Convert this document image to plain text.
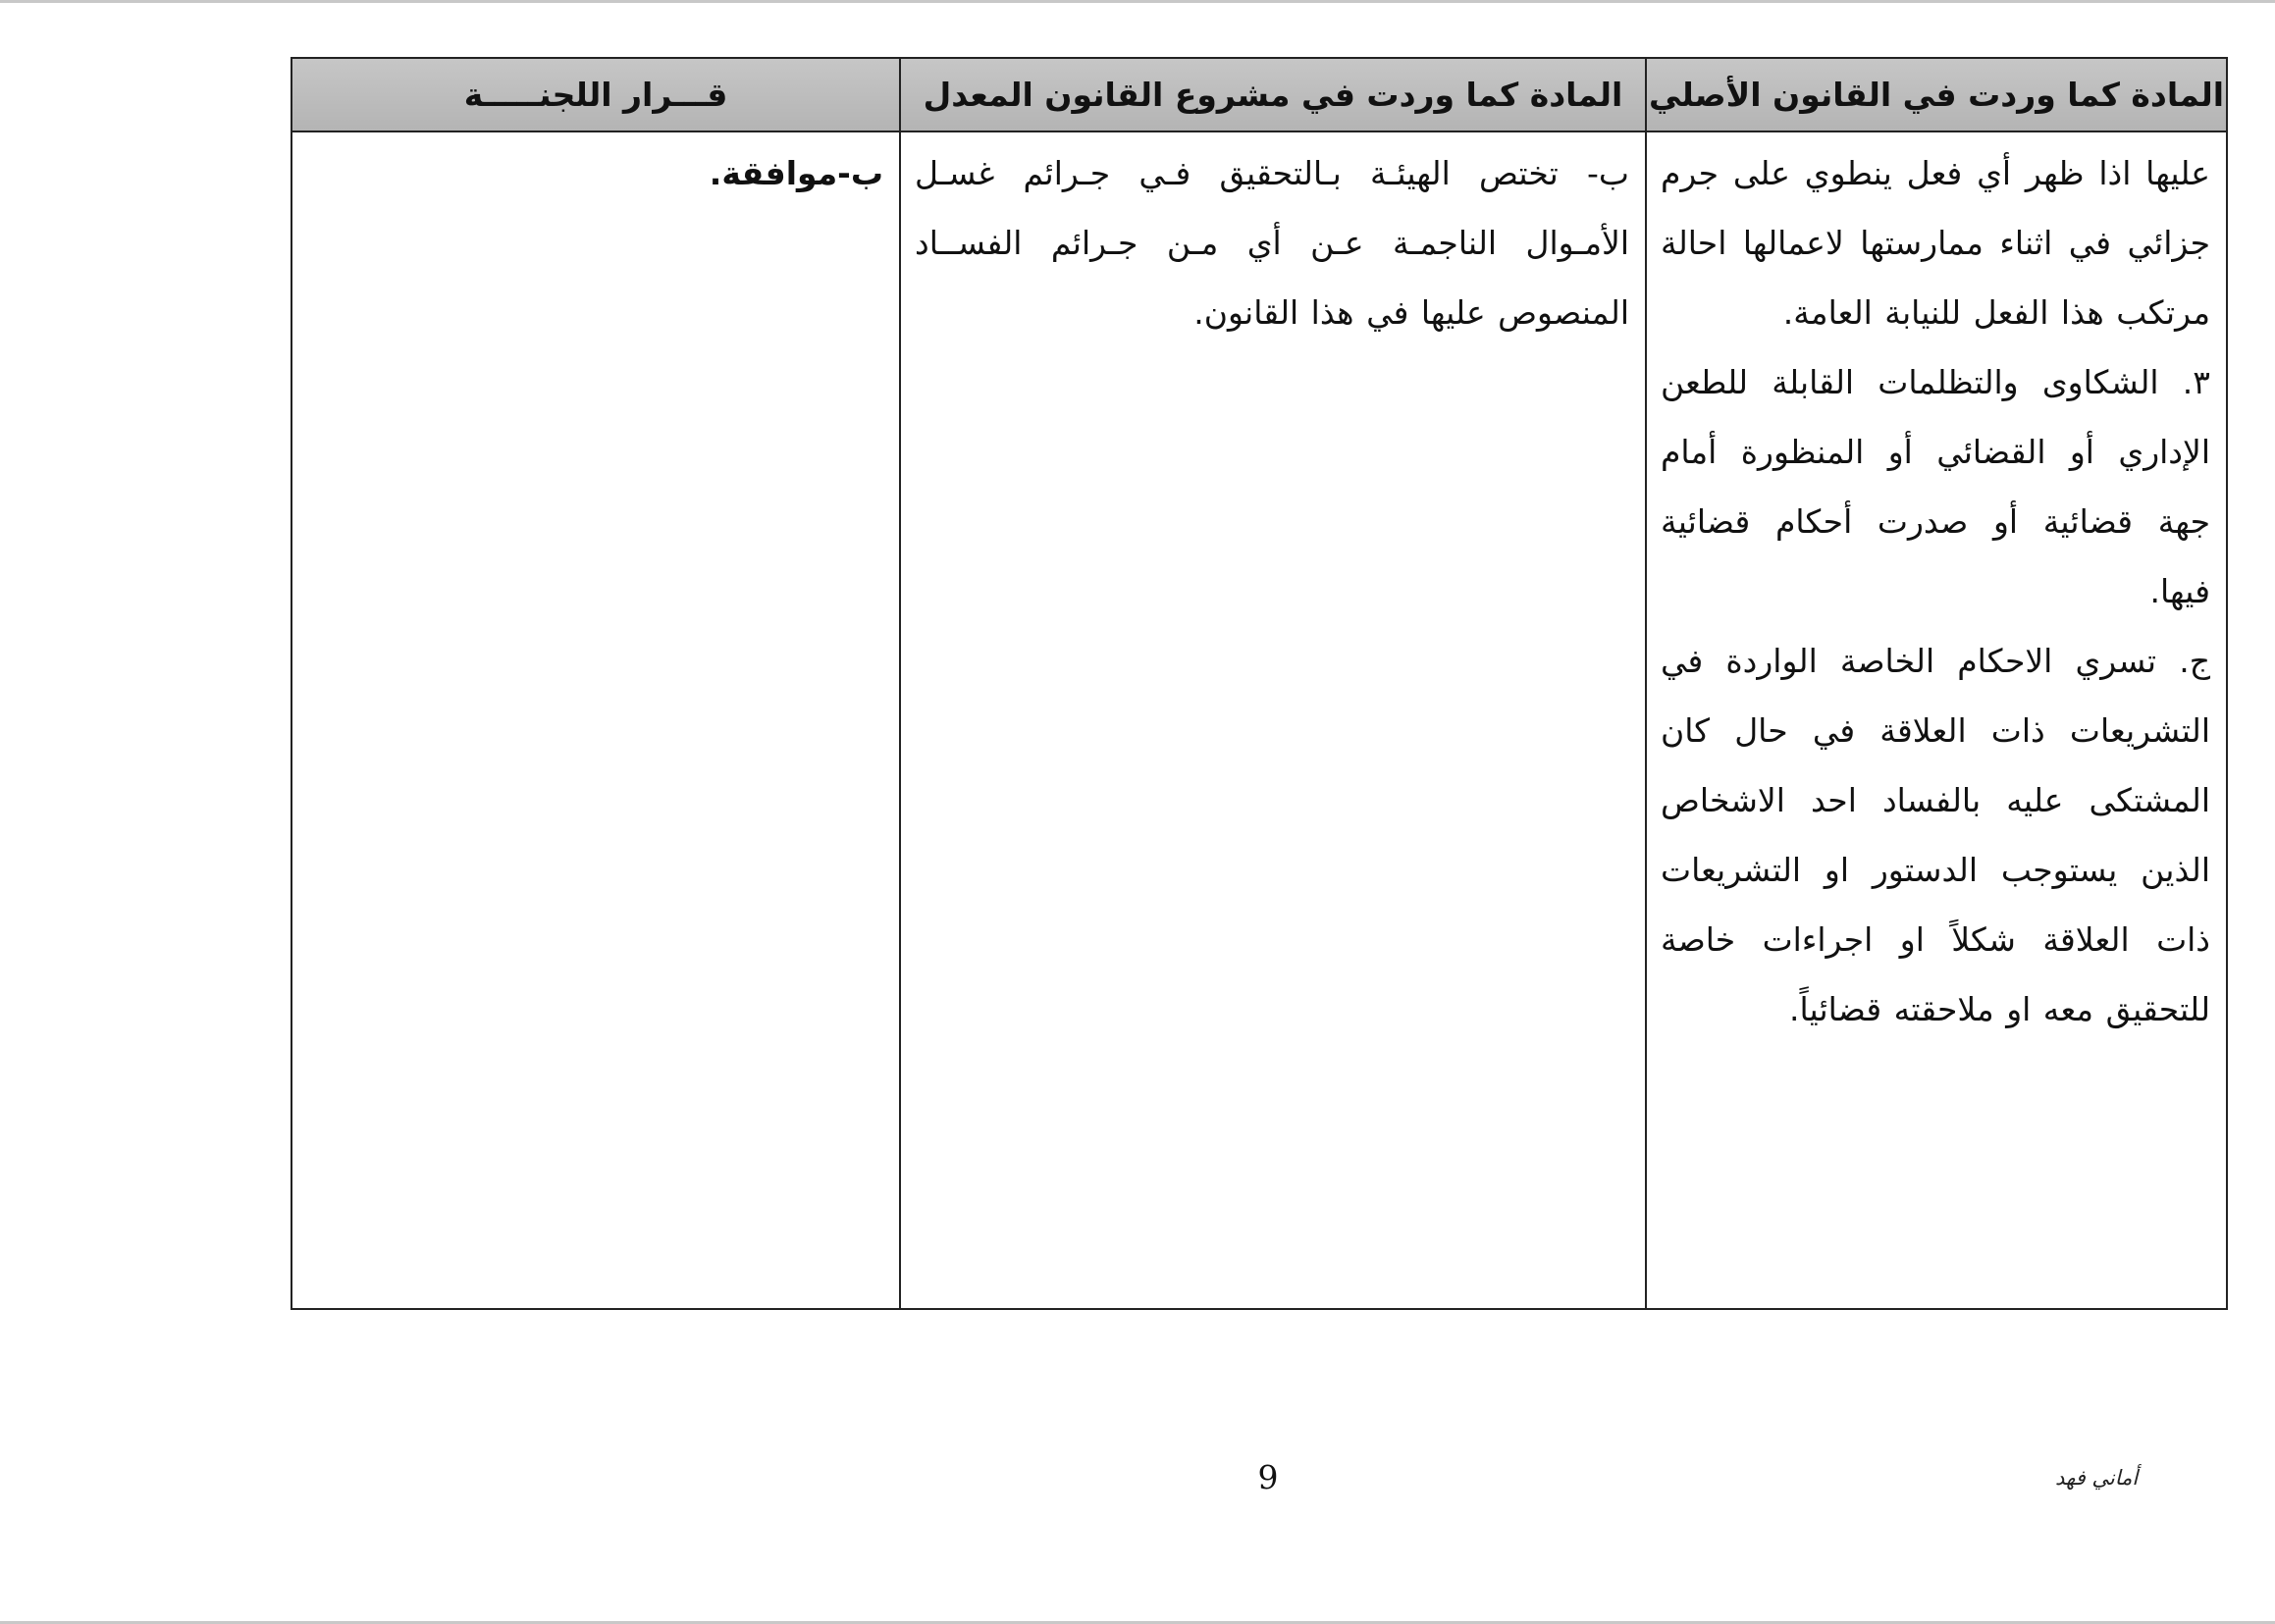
المادة كما وردت في القانون الأصلي	المادة كما وردت في مشروع القانون المعدل	قـــرار اللجنـــــة

عليها اذا ظهر أي فعل ينطوي على جرم جزائي في اثناء ممارستها لاعمالها احالة مرتكب هذا الفعل للنيابة العامة.

٣. الشكاوى والتظلمات القابلة للطعن الإداري أو القضائي أو المنظورة أمام جهة قضائية أو صدرت أحكام قضائية فيها.

ج. تسري الاحكام الخاصة الواردة في التشريعات ذات العلاقة في حال كان المشتكى عليه بالفساد احد الاشخاص الذين يستوجب الدستور او التشريعات ذات العلاقة شكلاً او اجراءات خاصة للتحقيق معه او ملاحقته قضائياً.	ب- تختص الهيئـة بـالتحقيق فـي جـرائم غسـل الأمـوال الناجمـة عـن أي مـن جـرائم الفســاد المنصوص عليها في هذا القانون.	ب-موافقة.

9	أماني فهد
